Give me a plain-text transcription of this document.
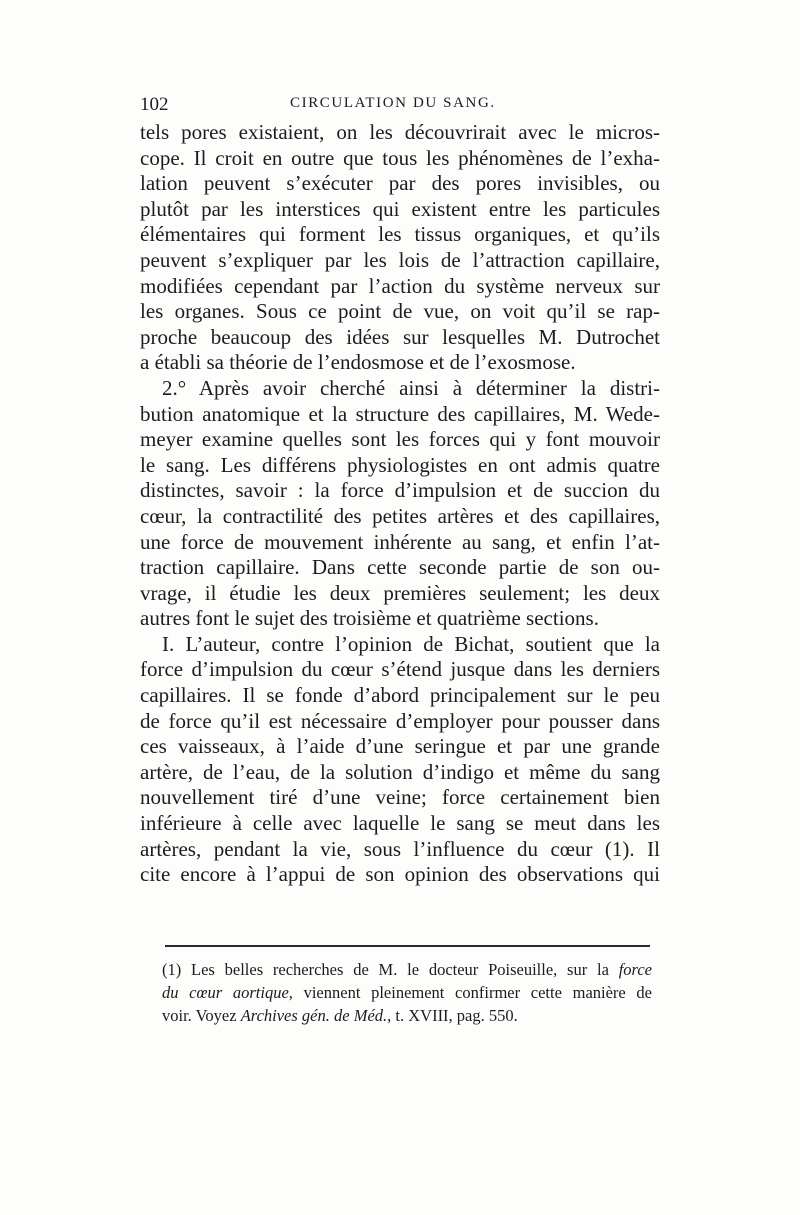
102	CIRCULATION DU SANG.
tels pores existaient, on les découvrirait avec le micros-
cope. Il croit en outre que tous les phénomènes de l’exha-
lation peuvent s’exécuter par des pores invisibles, ou
plutôt par les interstices qui existent entre les particules
élémentaires qui forment les tissus organiques, et qu’ils
peuvent s’expliquer par les lois de l’attraction capillaire,
modifiées cependant par l’action du système nerveux sur
les organes. Sous ce point de vue, on voit qu’il se rap-
proche beaucoup des idées sur lesquelles M. Dutrochet
a établi sa théorie de l’endosmose et de l’exosmose.
2.° Après avoir cherché ainsi à déterminer la distri-
bution anatomique et la structure des capillaires, M. Wede-
meyer examine quelles sont les forces qui y font mouvoir
le sang. Les différens physiologistes en ont admis quatre
distinctes, savoir : la force d’impulsion et de succion du
cœur, la contractilité des petites artères et des capillaires,
une force de mouvement inhérente au sang, et enfin l’at-
traction capillaire. Dans cette seconde partie de son ou-
vrage, il étudie les deux premières seulement; les deux
autres font le sujet des troisième et quatrième sections.
I. L’auteur, contre l’opinion de Bichat, soutient que la
force d’impulsion du cœur s’étend jusque dans les derniers
capillaires. Il se fonde d’abord principalement sur le peu
de force qu’il est nécessaire d’employer pour pousser dans
ces vaisseaux, à l’aide d’une seringue et par une grande
artère, de l’eau, de la solution d’indigo et même du sang
nouvellement tiré d’une veine; force certainement bien
inférieure à celle avec laquelle le sang se meut dans les
artères, pendant la vie, sous l’influence du cœur (1). Il
cite encore à l’appui de son opinion des observations qui
(1) Les belles recherches de M. le docteur Poiseuille, sur la force
du cœur aortique, viennent pleinement confirmer cette manière de
voir. Voyez Archives gén. de Méd., t. XVIII, pag. 550.
